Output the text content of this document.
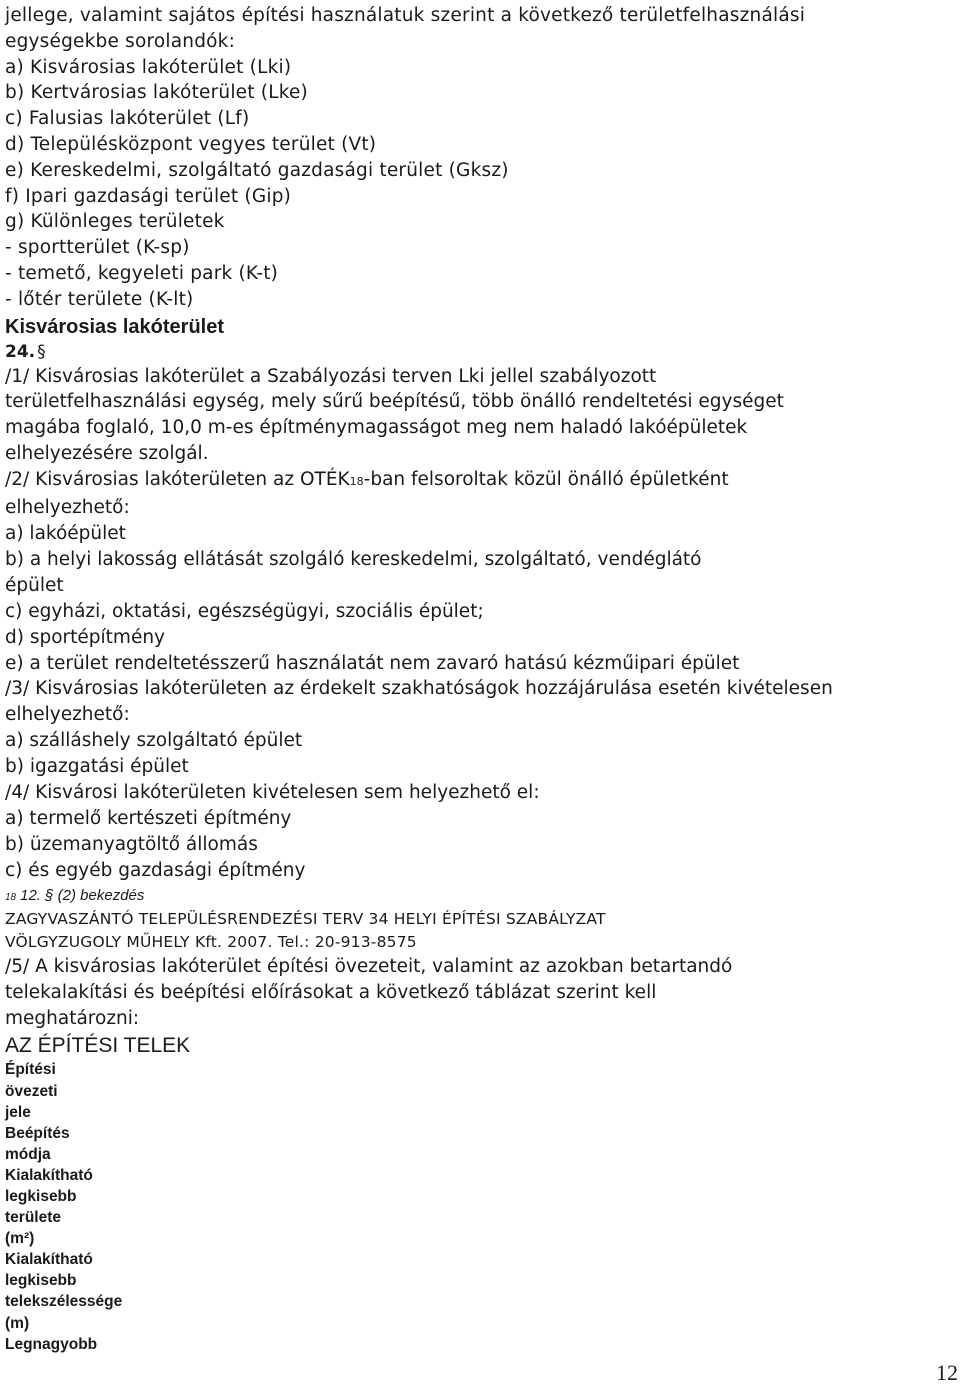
jellege, valamint sajátos építési használatuk szerint a következő területfelhasználási

egységekbe sorolandók:

a) Kisvárosias lakóterület (Lki)

b) Kertvárosias lakóterület (Lke)

c) Falusias lakóterület (Lf)

d) Településközpont vegyes terület (Vt)

e) Kereskedelmi, szolgáltató gazdasági terület (Gksz)

f) Ipari gazdasági terület (Gip)

g) Különleges területek

- sportterület (K-sp)

- temető, kegyeleti park (K-t)

- lőtér területe (K-lt)

Kisvárosias lakóterület
24. §

/1/ Kisvárosias lakóterület a Szabályozási terven Lki jellel szabályozott

területfelhasználási egység, mely sűrű beépítésű, több önálló rendeltetési egységet

magába foglaló, 10,0 m-es építménymagasságot meg nem haladó lakóépületek

elhelyezésére szolgál.

/2/ Kisvárosias lakóterületen az OTÉK18-ban felsoroltak közül önálló épületként

elhelyezhető:

a) lakóépület

b) a helyi lakosság ellátását szolgáló kereskedelmi, szolgáltató, vendéglátó

épület

c) egyházi, oktatási, egészségügyi, szociális épület;

d) sportépítmény

e) a terület rendeltetésszerű használatát nem zavaró hatású kézműipari épület

/3/ Kisvárosias lakóterületen az érdekelt szakhatóságok hozzájárulása esetén kivételesen

elhelyezhető:

a) szálláshely szolgáltató épület

b) igazgatási épület

/4/ Kisvárosi lakóterületen kivételesen sem helyezhető el:

a) termelő kertészeti építmény

b) üzemanyagtöltő állomás

c) és egyéb gazdasági építmény

18 12. § (2) bekezdés

ZAGYVASZÁNTÓ TELEPÜLÉSRENDEZÉSI TERV 34 HELYI ÉPÍTÉSI SZABÁLYZAT

VÖLGYZUGOLY MŰHELY Kft. 2007. Tel.: 20-913-8575

/5/ A kisvárosias lakóterület építési övezeteit, valamint az azokban betartandó

telekalakítási és beépítési előírásokat a következő táblázat szerint kell

meghatározni:

AZ ÉPÍTÉSI TELEK

Építési

övezeti

jele

Beépítés

módja

Kialakítható

legkisebb

területe

(m²)

Kialakítható

legkisebb

telekszélessége

(m)

Legnagyobb

12
